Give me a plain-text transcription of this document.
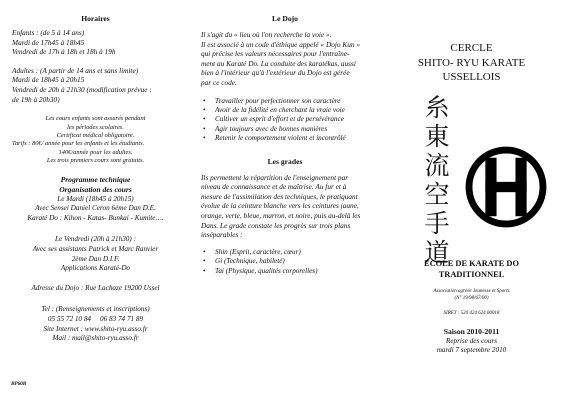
Horaires

Enfants : (de 5 à 14 ans)

Mardi de 17h45 à 18h45

Vendredi de 17h à 18h et 18h à 19h

Adultes : (A partir de 14 ans et sans limite)

Mardi de 18h45 à 20h15

Vendredi de 20h à 21h30 (modification prévue :

de 19h à 20h30)

Les cours enfants sont assurés pendant

les périodes scolaires.

Certificat médical obligatoire.

Tarifs : 80€/ année pour les enfants et les étudiants.

140€/année pour les adultes.

Les trois premiers cours sont gratuits.

Programme technique

Organisation des cours

Le Mardi (18h45 à 20h15)

Avec Sensei Daniel Ceron 6ème Dan D.E.

Karaté Do : Kihon - Katas- Bunkai - Kumite….

Le Vendredi (20h à 21h30) :

Avec ses assistants Patrick et Marc Ranvier

2ème Dan D.I.F.

Applications Karaté-Do

Adresse du Dojo : Rue Lachaze 19200 Ussel

Tel : (Renseignements et inscriptions)

05 55 72 10 84     06 83 74 71 89

Site Internet : www.shito-ryu.asso.fr

Mail : mail@shito-ryu.asso.fr

Le Dojo

Il s'agit du « lieu où l'on recherche la voie ».

Il est associé à un code d'éthique appelé « Dojo Kun »

qui précise les valeurs nécessaires pour l'entraîne-

ment au Karaté Do. La conduite des karatékas, aussi

bien à l'intérieur qu'à l'extérieur du Dojo est gérée

par ce code.

• Travailler pour perfectionner son caractère
• Avoir de la fidélité en cherchant la vraie voie
• Cultiver un esprit d'effort et de persévérance
• Agir toujours avec de bonnes manières
• Retenir le comportement violent et incontrôlé

Les grades

Ils permettent la répartition de l'enseignement par

niveau de connaissance et de maîtrise. Au fur et à

mesure de l'assimilation des techniques, le pratiquant

évolue de la ceinture blanche vers les ceintures jaune,

orange, verte, bleue, marron, et noire, puis au-delà les

Dans. Le grade constate les progrès sur trois plans

inséparables :

• Shin (Esprit, caractère, cœur)
• Gi (Technique, habileté)
• Tai (Physique, qualités corporelles)

CERCLE

SHITO- RYU KARATE

USSELLOIS

糸
東
流
空
手
道

ECOLE DE KARATE DO

TRADITIONNEL

Association agréée Jeunesse et Sports

(N° 19/98/67/00)

SIRET : 520 424 624 00018

Saison 2010-2011

Reprise des cours

mardi 7 septembre 2010

BP60B
